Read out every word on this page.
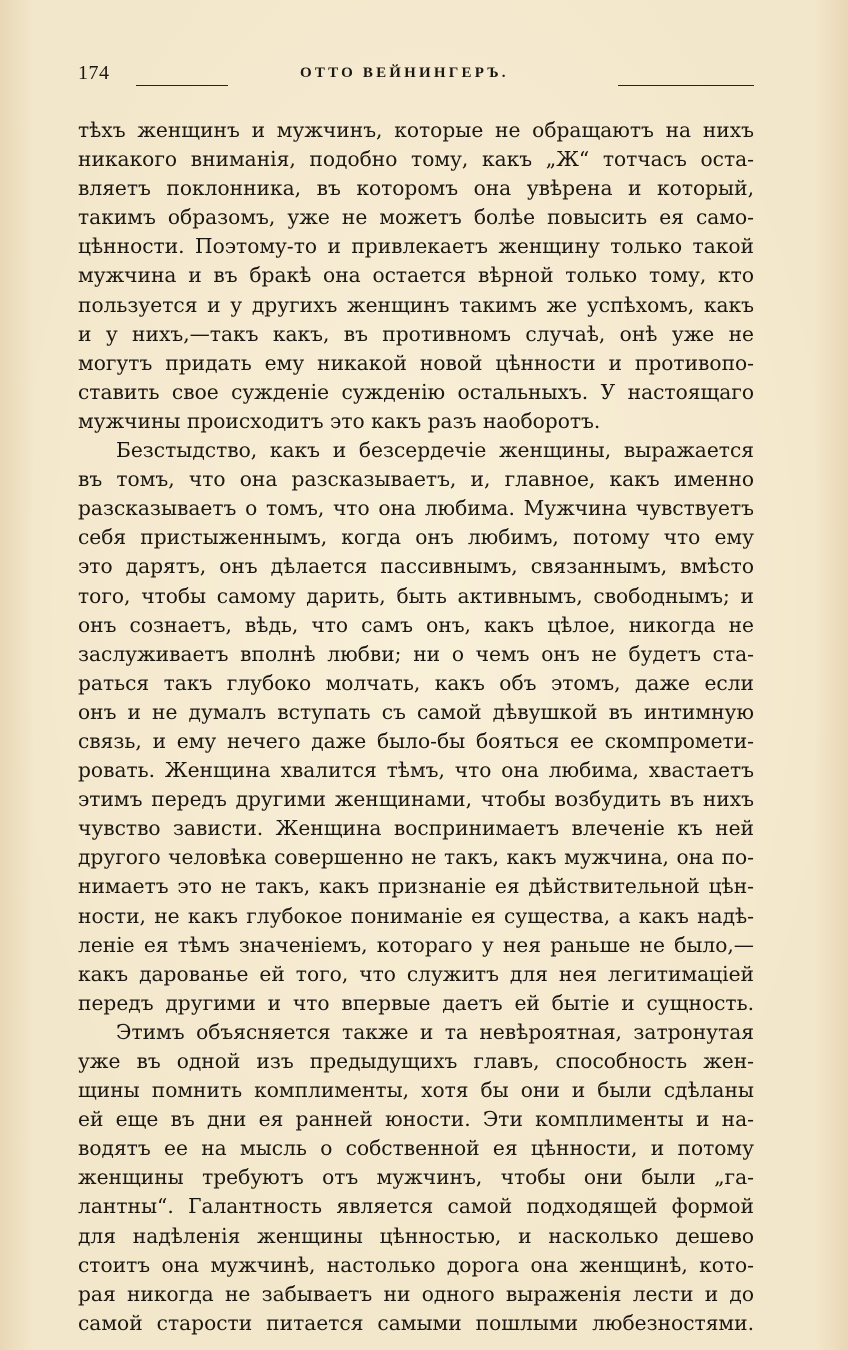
174	ОТТО ВЕЙНИНГЕРЪ.
тѣхъ женщинъ и мужчинъ, которые не обращаютъ на нихъ
никакого вниманія, подобно тому, какъ „Ж“ тотчасъ оста-
вляетъ поклонника, въ которомъ она увѣрена и который,
такимъ образомъ, уже не можетъ болѣе повысить ея само-
цѣнности. Поэтому-то и привлекаетъ женщину только такой
мужчина и въ бракѣ она остается вѣрной только тому, кто
пользуется и у другихъ женщинъ такимъ же успѣхомъ, какъ
и у нихъ,—такъ какъ, въ противномъ случаѣ, онѣ уже не
могутъ придать ему никакой новой цѣнности и противопо-
ставить свое сужденіе сужденію остальныхъ. У настоящаго
мужчины происходитъ это какъ разъ наоборотъ.
Безстыдство, какъ и безсердечіе женщины, выражается
въ томъ, что она разсказываетъ, и, главное, какъ именно
разсказываетъ о томъ, что она любима. Мужчина чувствуетъ
себя пристыженнымъ, когда онъ любимъ, потому что ему
это дарятъ, онъ дѣлается пассивнымъ, связаннымъ, вмѣсто
того, чтобы самому дарить, быть активнымъ, свободнымъ; и
онъ сознаетъ, вѣдь, что самъ онъ, какъ цѣлое, никогда не
заслуживаетъ вполнѣ любви; ни о чемъ онъ не будетъ ста-
раться такъ глубоко молчать, какъ объ этомъ, даже если
онъ и не думалъ вступать съ самой дѣвушкой въ интимную
связь, и ему нечего даже было-бы бояться ее скомпромети-
ровать. Женщина хвалится тѣмъ, что она любима, хвастаетъ
этимъ передъ другими женщинами, чтобы возбудить въ нихъ
чувство зависти. Женщина воспринимаетъ влеченіе къ ней
другого человѣка совершенно не такъ, какъ мужчина, она по-
нимаетъ это не такъ, какъ признаніе ея дѣйствительной цѣн-
ности, не какъ глубокое пониманіе ея существа, а какъ надѣ-
леніе ея тѣмъ значеніемъ, котораго у нея раньше не было,—
какъ дарованье ей того, что служитъ для нея легитимаціей
передъ другими и что впервые даетъ ей бытіе и сущность.
Этимъ объясняется также и та невѣроятная, затронутая
уже въ одной изъ предыдущихъ главъ, способность жен-
щины помнить комплименты, хотя бы они и были сдѣланы
ей еще въ дни ея ранней юности. Эти комплименты и на-
водятъ ее на мысль о собственной ея цѣнности, и потому
женщины требуютъ отъ мужчинъ, чтобы они были „га-
лантны“. Галантность является самой подходящей формой
для надѣленія женщины цѣнностью, и насколько дешево
стоитъ она мужчинѣ, настолько дорога она женщинѣ, кото-
рая никогда не забываетъ ни одного выраженія лести и до
самой старости питается самыми пошлыми любезностями.
